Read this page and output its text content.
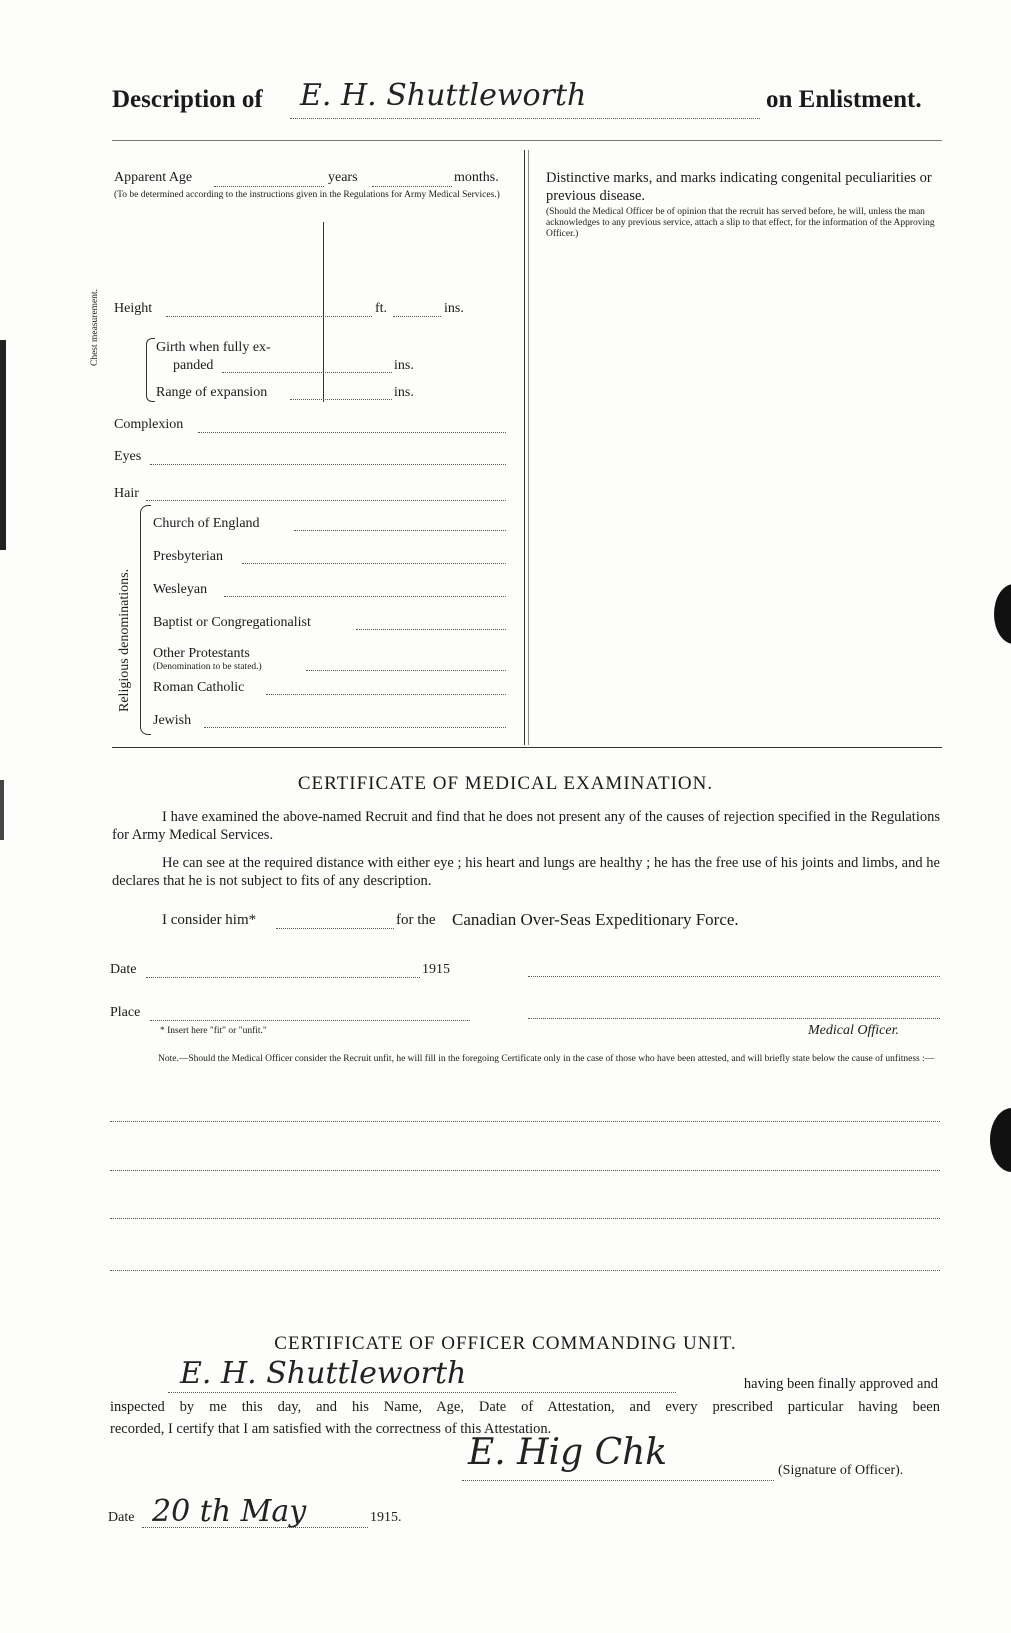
Description of E. H. Shuttleworth	on Enlistment.
Apparent Age	years	months.
(To be determined according to the instructions given in the Regulations for Army Medical Services.)
Height	ft.	ins.
Chest measurement.	Girth when fully ex-
panded	ins.
Range of expansion	ins.
Complexion
Eyes
Hair
Religious denominations.
Church of England
Presbyterian
Wesleyan
Baptist or Congregationalist
Other Protestants
(Denomination to be stated.)
Roman Catholic
Jewish
Distinctive marks, and marks indicating congenital peculiarities or previous disease.
(Should the Medical Officer be of opinion that the recruit has served before, he will, unless the man acknowledges to any previous service, attach a slip to that effect, for the information of the Approving Officer.)
CERTIFICATE OF MEDICAL EXAMINATION.
I have examined the above-named Recruit and find that he does not present any of the causes of rejection specified in the Regulations for Army Medical Services.
He can see at the required distance with either eye ; his heart and lungs are healthy ; he has the free use of his joints and limbs, and he declares that he is not subject to fits of any description.
I consider him*	for the Canadian Over-Seas Expeditionary Force.
Date	1915
Place
* Insert here "fit" or "unfit."	Medical Officer.
Note.—Should the Medical Officer consider the Recruit unfit, he will fill in the foregoing Certificate only in the case of those who have been attested, and will briefly state below the cause of unfitness :—
CERTIFICATE OF OFFICER COMMANDING UNIT.
E. H. Shuttleworth	having been finally approved and
inspected by me this day, and his Name, Age, Date of Attestation, and every prescribed particular having been
recorded, I certify that I am satisfied with the correctness of this Attestation.
E. Hig Chk	(Signature of Officer).
Date 20 th May	1915.
